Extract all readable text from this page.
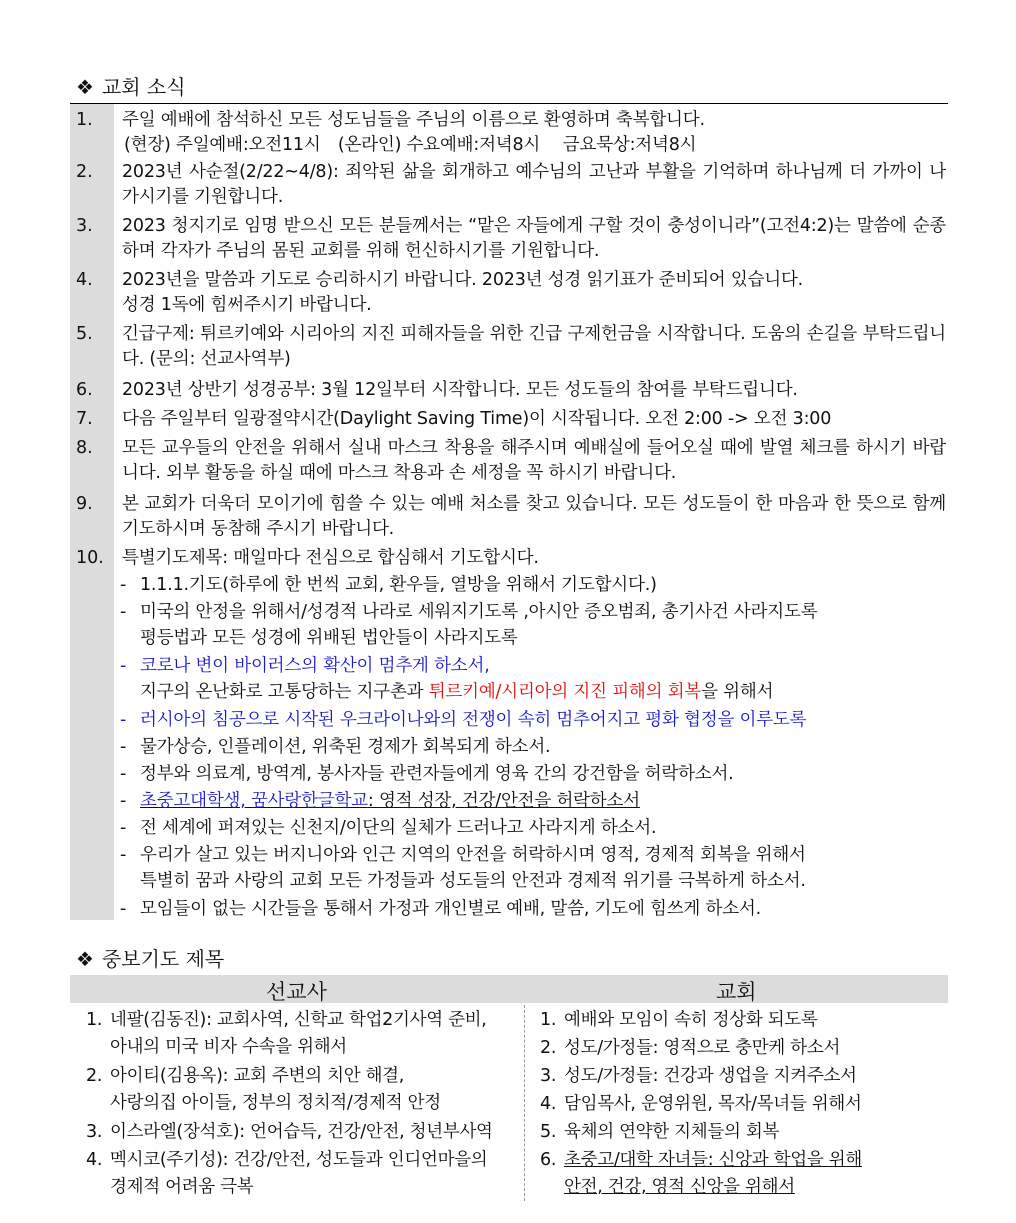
❖ 교회 소식
1.	주일 예배에 참석하신 모든 성도님들을 주님의 이름으로 환영하며 축복합니다.
(현장) 주일예배:오전11시　(온라인) 수요예배:저녁8시　 금요묵상:저녁8시
2.	2023년 사순절(2/22~4/8): 죄악된 삶을 회개하고 예수님의 고난과 부활을 기억하며 하나님께 더 가까이 나가시기를 기원합니다.
3.	2023 청지기로 임명 받으신 모든 분들께서는 “맡은 자들에게 구할 것이 충성이니라”(고전4:2)는 말씀에 순종하며 각자가 주님의 몸된 교회를 위해 헌신하시기를 기원합니다.
4.	2023년을 말씀과 기도로 승리하시기 바랍니다. 2023년 성경 읽기표가 준비되어 있습니다.
성경 1독에 힘써주시기 바랍니다.
5.	긴급구제: 튀르키예와 시리아의 지진 피해자들을 위한 긴급 구제헌금을 시작합니다. 도움의 손길을 부탁드립니다. (문의: 선교사역부)
6.	2023년 상반기 성경공부: 3월 12일부터 시작합니다. 모든 성도들의 참여를 부탁드립니다.
7.	다음 주일부터 일광절약시간(Daylight Saving Time)이 시작됩니다. 오전 2:00 -> 오전 3:00
8.	모든 교우들의 안전을 위해서 실내 마스크 착용을 해주시며 예배실에 들어오실 때에 발열 체크를 하시기 바랍니다. 외부 활동을 하실 때에 마스크 착용과 손 세정을 꼭 하시기 바랍니다.
9.	본 교회가 더욱더 모이기에 힘쓸 수 있는 예배 처소를 찾고 있습니다. 모든 성도들이 한 마음과 한 뜻으로 함께 기도하시며 동참해 주시기 바랍니다.
10.	특별기도제목: 매일마다 전심으로 합심해서 기도합시다.
- 1.1.1.기도(하루에 한 번씩 교회, 환우들, 열방을 위해서 기도합시다.)
- 미국의 안정을 위해서/성경적 나라로 세워지기도록 ,아시안 증오범죄, 총기사건 사라지도록
평등법과 모든 성경에 위배된 법안들이 사라지도록
- 코로나 변이 바이러스의 확산이 멈추게 하소서,
지구의 온난화로 고통당하는 지구촌과 튀르키예/시리아의 지진 피해의 회복을 위해서
- 러시아의 침공으로 시작된 우크라이나와의 전쟁이 속히 멈추어지고 평화 협정을 이루도록
- 물가상승, 인플레이션, 위축된 경제가 회복되게 하소서.
- 정부와 의료계, 방역계, 봉사자들 관련자들에게 영육 간의 강건함을 허락하소서.
- 초중고대학생, 꿈사랑한글학교: 영적 성장, 건강/안전을 허락하소서
- 전 세계에 퍼져있는 신천지/이단의 실체가 드러나고 사라지게 하소서.
- 우리가 살고 있는 버지니아와 인근 지역의 안전을 허락하시며 영적, 경제적 회복을 위해서
특별히 꿈과 사랑의 교회 모든 가정들과 성도들의 안전과 경제적 위기를 극복하게 하소서.
- 모임들이 없는 시간들을 통해서 가정과 개인별로 예배, 말씀, 기도에 힘쓰게 하소서.
❖ 중보기도 제목
선교사	교회
1. 네팔(김동진): 교회사역, 신학교 학업2기사역 준비,
아내의 미국 비자 수속을 위해서
2. 아이티(김용옥): 교회 주변의 치안 해결,
사랑의집 아이들, 정부의 정치적/경제적 안정
3. 이스라엘(장석호): 언어습득, 건강/안전, 청년부사역
4. 멕시코(주기성): 건강/안전, 성도들과 인디언마을의
경제적 어려움 극복
1. 예배와 모임이 속히 정상화 되도록
2. 성도/가정들: 영적으로 충만케 하소서
3. 성도/가정들: 건강과 생업을 지켜주소서
4. 담임목사, 운영위원, 목자/목녀들 위해서
5. 육체의 연약한 지체들의 회복
6. 초중고/대학 자녀들: 신앙과 학업을 위해
안전, 건강, 영적 신앙을 위해서
